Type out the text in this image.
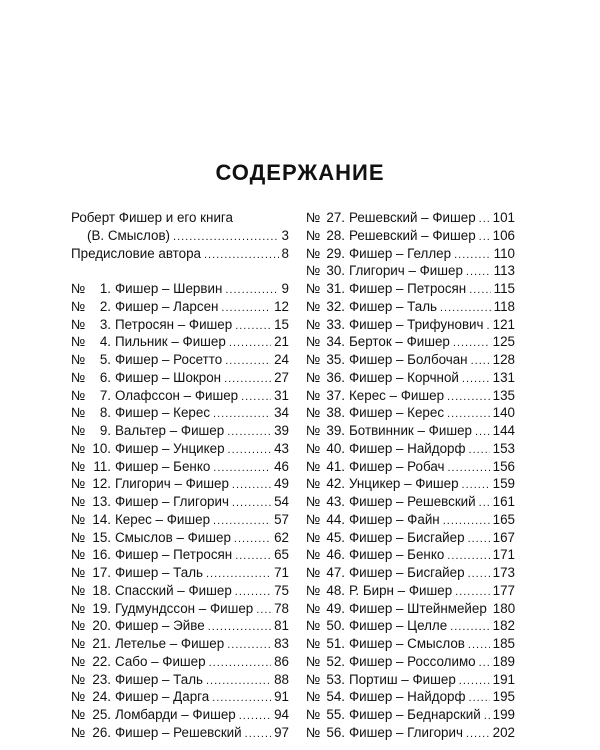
СОДЕРЖАНИЕ
Роберт Фишер и его книга
(В. Смыслов) .....	3
Предисловие автора .....	8
№	1. Фишер – Шервин .....	9
№	2. Фишер – Ларсен .....	12
№	3. Петросян – Фишер .....	15
№	4. Пильник – Фишер .....	21
№	5. Фишер – Росетто .....	24
№	6. Фишер – Шокрон .....	27
№	7. Олафссон – Фишер .....	31
№	8. Фишер – Керес .....	34
№	9. Вальтер – Фишер .....	39
№ 10. Фишер – Унцикер .....	43
№ 11. Фишер – Бенко .....	46
№ 12. Глигорич – Фишер .....	49
№ 13. Фишер – Глигорич .....	54
№ 14. Керес – Фишер .....	57
№ 15. Смыслов – Фишер .....	62
№ 16. Фишер – Петросян .....	65
№ 17. Фишер – Таль .....	71
№ 18. Спасский – Фишер .....	75
№ 19. Гудмундссон – Фишер ..... 78
№ 20. Фишер – Эйве .....	81
№ 21. Летелье – Фишер .....	83
№ 22. Сабо – Фишер .....	86
№ 23. Фишер – Таль .....	88
№ 24. Фишер – Дарга .....	91
№ 25. Ломбарди – Фишер .....	94
№ 26. Фишер – Решевский ..... 97
№ 27. Решевский – Фишер ..... 101
№ 28. Решевский – Фишер ..... 106
№ 29. Фишер – Геллер .....	110
№ 30. Глигорич – Фишер ..... 113
№ 31. Фишер – Петросян ..... 115
№ 32. Фишер – Таль .....	118
№ 33. Фишер – Трифунович ..... 121
№ 34. Берток – Фишер .....	125
№ 35. Фишер – Болбочан ..... 128
№ 36. Фишер – Корчной .....	131
№ 37. Керес – Фишер .....	135
№ 38. Фишер – Керес .....	140
№ 39. Ботвинник – Фишер ..... 144
№ 40. Фишер – Найдорф ..... 153
№ 41. Фишер – Робач .....	156
№ 42. Унцикер – Фишер .....	159
№ 43. Фишер – Решевский ..... 161
№ 44. Фишер – Файн .....	165
№ 45. Фишер – Бисгайер ..... 167
№ 46. Фишер – Бенко .....	171
№ 47. Фишер – Бисгайер ..... 173
№ 48. Р. Бирн – Фишер .....	177
№ 49. Фишер – Штейнмейер 180
№ 50. Фишер – Целле .....	182
№ 51. Фишер – Смыслов ..... 185
№ 52. Фишер – Россолимо ..... 189
№ 53. Портиш – Фишер .....	191
№ 54. Фишер – Найдорф ..... 195
№ 55. Фишер – Беднарский ..... 199
№ 56. Фишер – Глигорич ..... 202
